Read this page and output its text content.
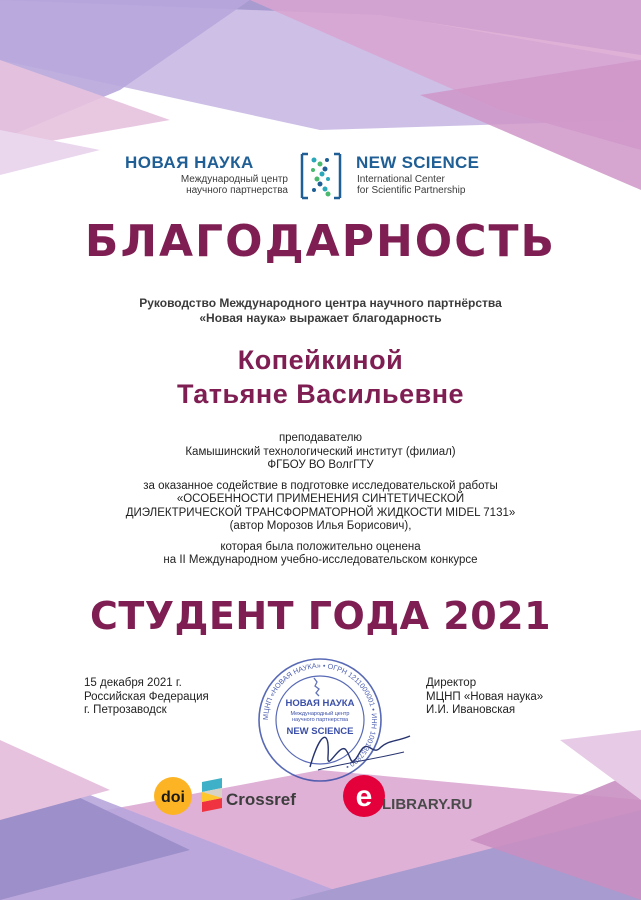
НОВАЯ НАУКА
Международный центр
научного партнерства
NEW SCIENCE
International Center
for Scientific Partnership
БЛАГОДАРНОСТЬ
Руководство Международного центра научного партнёрства
«Новая наука» выражает благодарность
Копейкиной
Татьяне Васильевне
преподавателю
Камышинский технологический институт (филиал)
ФГБОУ ВО ВолгГТУ
за оказанное содействие в подготовке исследовательской работы
«ОСОБЕННОСТИ ПРИМЕНЕНИЯ СИНТЕТИЧЕСКОЙ
ДИЭЛЕКТРИЧЕСКОЙ ТРАНСФОРМАТОРНОЙ ЖИДКОСТИ MIDEL 7131»
(автор Морозов Илья Борисович),
которая была положительно оценена
на II Международном учебно-исследовательском конкурсе
СТУДЕНТ ГОДА 2021
15 декабря 2021 г.
Российская Федерация
г. Петрозаводск
Директор
МЦНП «Новая наука»
И.И. Ивановская
МЦНП «НОВАЯ НАУКА» • ОГРН 1211000001 • ИНН 1001357890 •
НОВАЯ НАУКА
Международный центр
научного партнерства
NEW SCIENCE
doi Crossref e LIBRARY.RU
